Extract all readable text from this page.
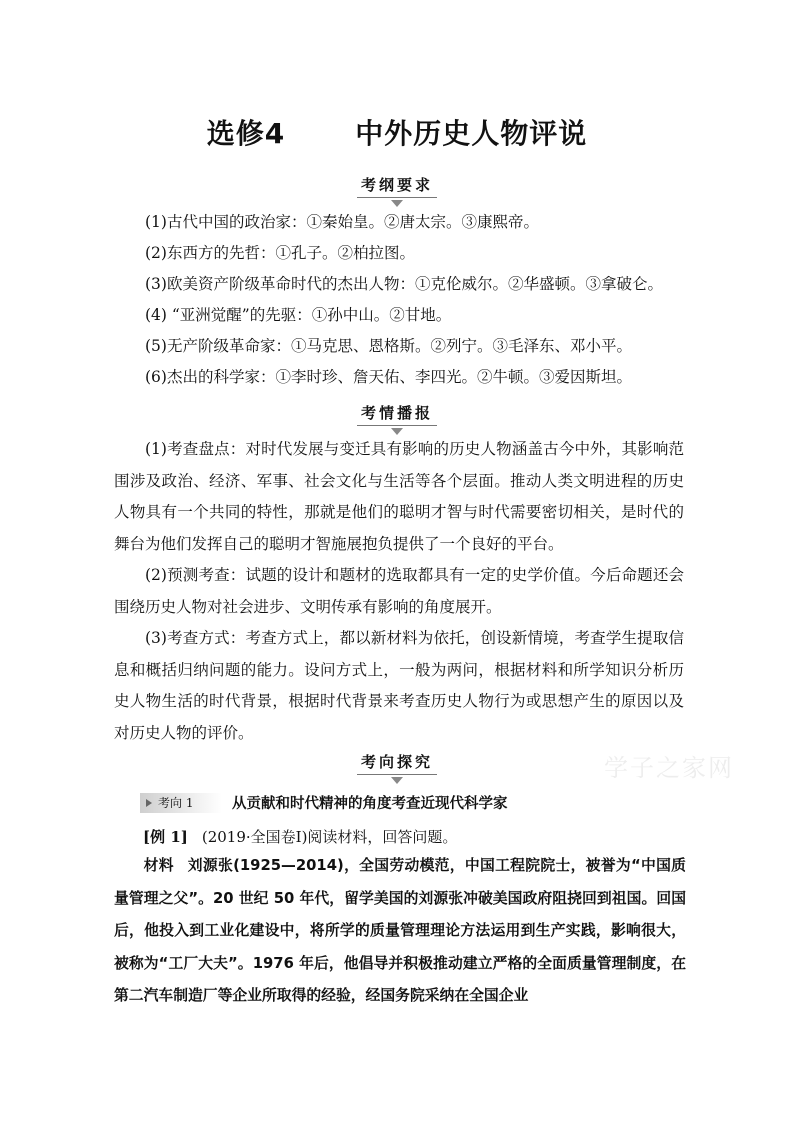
选修4	中外历史人物评说
考纲要求
(1)古代中国的政治家：①秦始皇。②唐太宗。③康熙帝。
(2)东西方的先哲：①孔子。②柏拉图。
(3)欧美资产阶级革命时代的杰出人物：①克伦威尔。②华盛顿。③拿破仑。
(4) “亚洲觉醒”的先驱：①孙中山。②甘地。
(5)无产阶级革命家：①马克思、恩格斯。②列宁。③毛泽东、邓小平。
(6)杰出的科学家：①李时珍、詹天佑、李四光。②牛顿。③爱因斯坦。
考情播报
(1)考查盘点：对时代发展与变迁具有影响的历史人物涵盖古今中外，其影响范围涉及政治、经济、军事、社会文化与生活等各个层面。推动人类文明进程的历史人物具有一个共同的特性，那就是他们的聪明才智与时代需要密切相关，是时代的舞台为他们发挥自己的聪明才智施展抱负提供了一个良好的平台。
(2)预测考查：试题的设计和题材的选取都具有一定的史学价值。今后命题还会围绕历史人物对社会进步、文明传承有影响的角度展开。
(3)考查方式：考查方式上，都以新材料为依托，创设新情境，考查学生提取信息和概括归纳问题的能力。设问方式上，一般为两问，根据材料和所学知识分析历史人物生活的时代背景，根据时代背景来考查历史人物行为或思想产生的原因以及对历史人物的评价。
考向探究	学子之家网
考向 1	从贡献和时代精神的角度考查近现代科学家
[例 1] (2019·全国卷Ⅰ)阅读材料，回答问题。
材料 刘源张(1925—2014)，全国劳动模范，中国工程院院士，被誉为“中国质量管理之父”。20 世纪 50 年代，留学美国的刘源张冲破美国政府阻挠回到祖国。回国后，他投入到工业化建设中，将所学的质量管理理论方法运用到生产实践，影响很大，被称为“工厂大夫”。1976 年后，他倡导并积极推动建立严格的全面质量管理制度，在第二汽车制造厂等企业所取得的经验，经国务院采纳在全国企业
